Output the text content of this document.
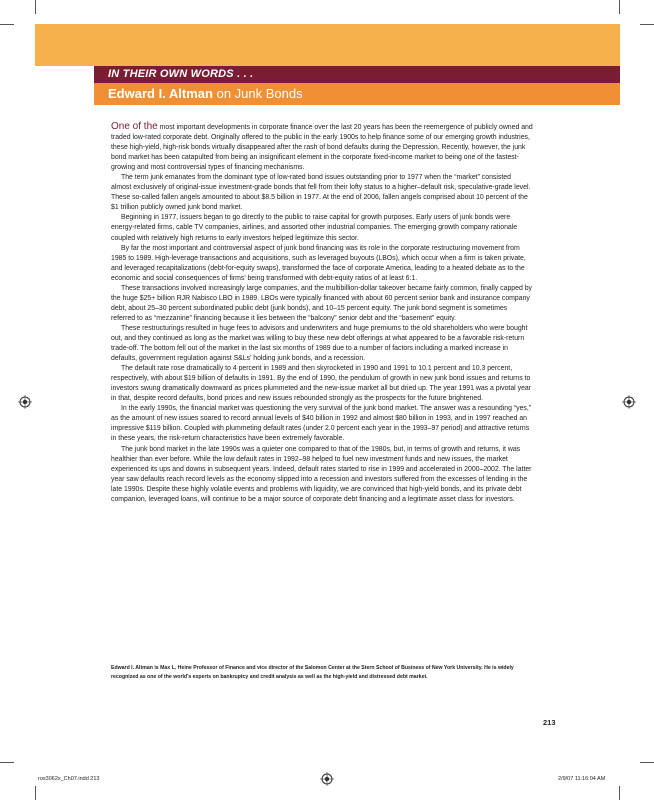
IN THEIR OWN WORDS . . .
Edward I. Altman on Junk Bonds

One of the most important developments in corporate finance over the last 20 years has been the reemergence of publicly owned and traded low-rated corporate debt. Originally offered to the public in the early 1900s to help finance some of our emerging growth industries, these high-yield, high-risk bonds virtually disappeared after the rash of bond defaults during the Depression. Recently, however, the junk bond market has been catapulted from being an insignificant element in the corporate fixed-income market to being one of the fastest-growing and most controversial types of financing mechanisms.

The term junk emanates from the dominant type of low-rated bond issues outstanding prior to 1977 when the “market” consisted almost exclusively of original-issue investment-grade bonds that fell from their lofty status to a higher–default risk, speculative-grade level. These so-called fallen angels amounted to about $8.5 billion in 1977. At the end of 2006, fallen angels comprised about 10 percent of the $1 trillion publicly owned junk bond market.

Beginning in 1977, issuers began to go directly to the public to raise capital for growth purposes. Early users of junk bonds were energy-related firms, cable TV companies, airlines, and assorted other industrial companies. The emerging growth company rationale coupled with relatively high returns to early investors helped legitimize this sector.

By far the most important and controversial aspect of junk bond financing was its role in the corporate restructuring movement from 1985 to 1989. High-leverage transactions and acquisitions, such as leveraged buyouts (LBOs), which occur when a firm is taken private, and leveraged recapitalizations (debt-for-equity swaps), transformed the face of corporate America, leading to a heated debate as to the economic and social consequences of firms’ being transformed with debt-equity ratios of at least 6:1.

These transactions involved increasingly large companies, and the multibillion-dollar takeover became fairly common, finally capped by the huge $25+ billion RJR Nabisco LBO in 1989. LBOs were typically financed with about 60 percent senior bank and insurance company debt, about 25–30 percent subordinated public debt (junk bonds), and 10–15 percent equity. The junk bond segment is sometimes referred to as “mezzanine” financing because it lies between the “balcony” senior debt and the “basement” equity.

These restructurings resulted in huge fees to advisors and underwriters and huge premiums to the old shareholders who were bought out, and they continued as long as the market was willing to buy these new debt offerings at what appeared to be a favorable risk-return trade-off. The bottom fell out of the market in the last six months of 1989 due to a number of factors including a marked increase in defaults, government regulation against S&Ls’ holding junk bonds, and a recession.

The default rate rose dramatically to 4 percent in 1989 and then skyrocketed in 1990 and 1991 to 10.1 percent and 10.3 percent, respectively, with about $19 billion of defaults in 1991. By the end of 1990, the pendulum of growth in new junk bond issues and returns to investors swung dramatically downward as prices plummeted and the new-issue market all but dried up. The year 1991 was a pivotal year in that, despite record defaults, bond prices and new issues rebounded strongly as the prospects for the future brightened.

In the early 1990s, the financial market was questioning the very survival of the junk bond market. The answer was a resounding “yes,” as the amount of new issues soared to record annual levels of $40 billion in 1992 and almost $80 billion in 1993, and in 1997 reached an impressive $119 billion. Coupled with plummeting default rates (under 2.0 percent each year in the 1993–97 period) and attractive returns in these years, the risk-return characteristics have been extremely favorable.

The junk bond market in the late 1990s was a quieter one compared to that of the 1980s, but, in terms of growth and returns, it was healthier than ever before. While the low default rates in 1992–98 helped to fuel new investment funds and new issues, the market experienced its ups and downs in subsequent years. Indeed, default rates started to rise in 1999 and accelerated in 2000–2002. The latter year saw defaults reach record levels as the economy slipped into a recession and investors suffered from the excesses of lending in the late 1990s. Despite these highly volatile events and problems with liquidity, we are convinced that high-yield bonds, and its private debt companion, leveraged loans, will continue to be a major source of corporate debt financing and a legitimate asset class for investors.

Edward I. Altman is Max L. Heine Professor of Finance and vice director of the Salomon Center at the Stern School of Business of New York University. He is widely recognized as one of the world’s experts on bankruptcy and credit analysis as well as the high-yield and distressed debt market.
213
ros3062x_Ch07.indd 213	2/9/07 11:16:04 AM
